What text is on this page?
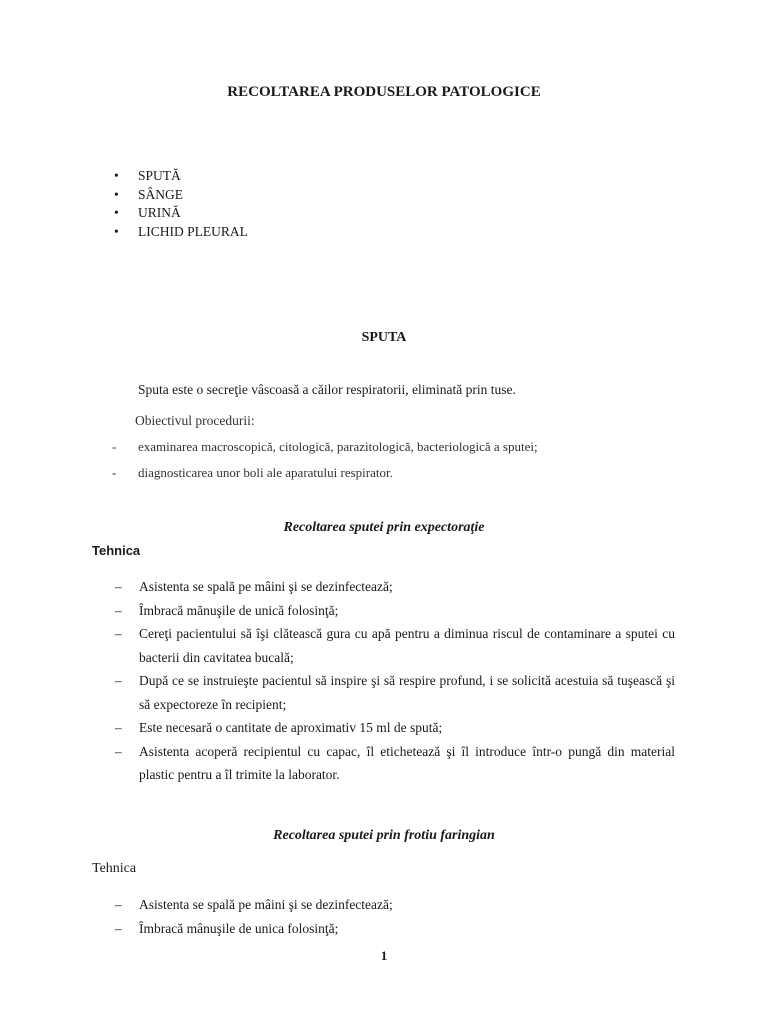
RECOLTAREA PRODUSELOR PATOLOGICE
• SPUTĂ
• SÂNGE
• URINĂ
• LICHID PLEURAL
SPUTA
Sputa este o secreţie vâscoasă a căilor respiratorii, eliminată prin tuse.
Obiectivul procedurii:
- examinarea macroscopică, citologică, parazitologică, bacteriologică a sputei;
- diagnosticarea unor boli ale aparatului respirator.
Recoltarea sputei prin expectoraţie
Tehnica
–	Asistenta se spală pe mâini şi se dezinfectează;
–	Îmbracă mănuşile de unică folosinţă;
–	Cereţi pacientului să îşi clătească gura cu apă pentru a diminua riscul de contaminare a sputei cu bacterii din cavitatea bucală;
–	După ce se instruieşte pacientul să inspire şi să respire profund, i se solicită acestuia să tuşească şi să expectoreze în recipient;
–	Este necesară o cantitate de aproximativ 15 ml de spută;
–	Asistenta acoperă recipientul cu capac, îl etichetează şi îl introduce într-o pungă din material plastic pentru a îl trimite la laborator.
Recoltarea sputei prin frotiu faringian
Tehnica
–	Asistenta se spală pe mâini şi se dezinfectează;
–	Îmbracă mânuşile de unica folosinţă;
1
